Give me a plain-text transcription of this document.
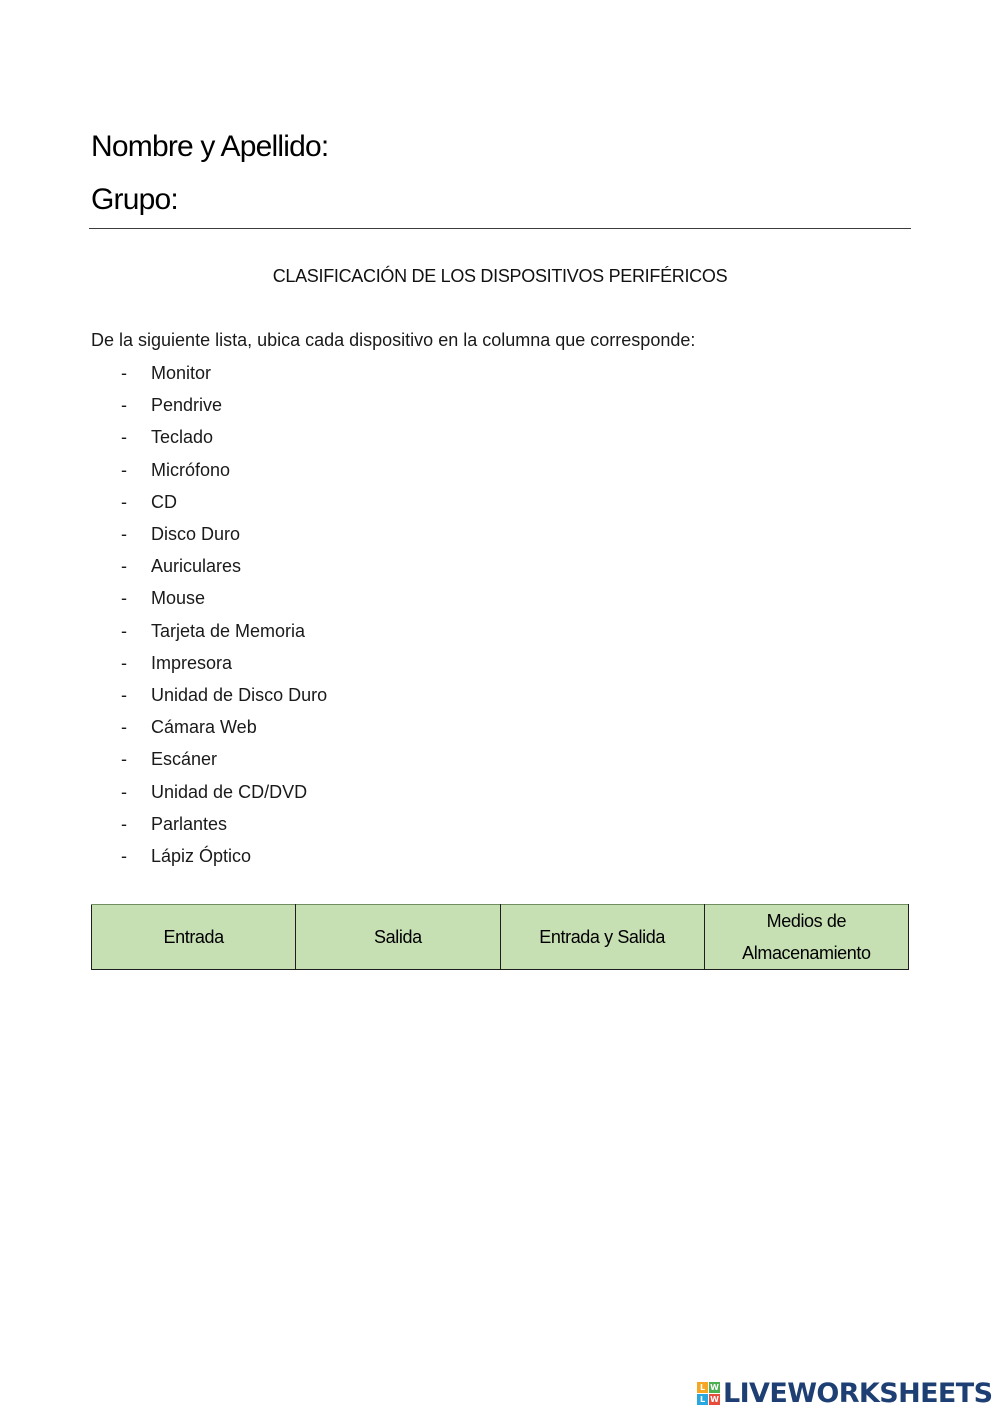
Nombre y Apellido:
Grupo:
CLASIFICACIÓN DE LOS DISPOSITIVOS PERIFÉRICOS
De la siguiente lista, ubica cada dispositivo en la columna que corresponde:
- Monitor
- Pendrive
- Teclado
- Micrófono
- CD
- Disco Duro
- Auriculares
- Mouse
- Tarjeta de Memoria
- Impresora
- Unidad de Disco Duro
- Cámara Web
- Escáner
- Unidad de CD/DVD
- Parlantes
- Lápiz Óptico
Entrada	Salida	Entrada y Salida	Medios de Almacenamiento
L W
L W LIVEWORKSHEETS
